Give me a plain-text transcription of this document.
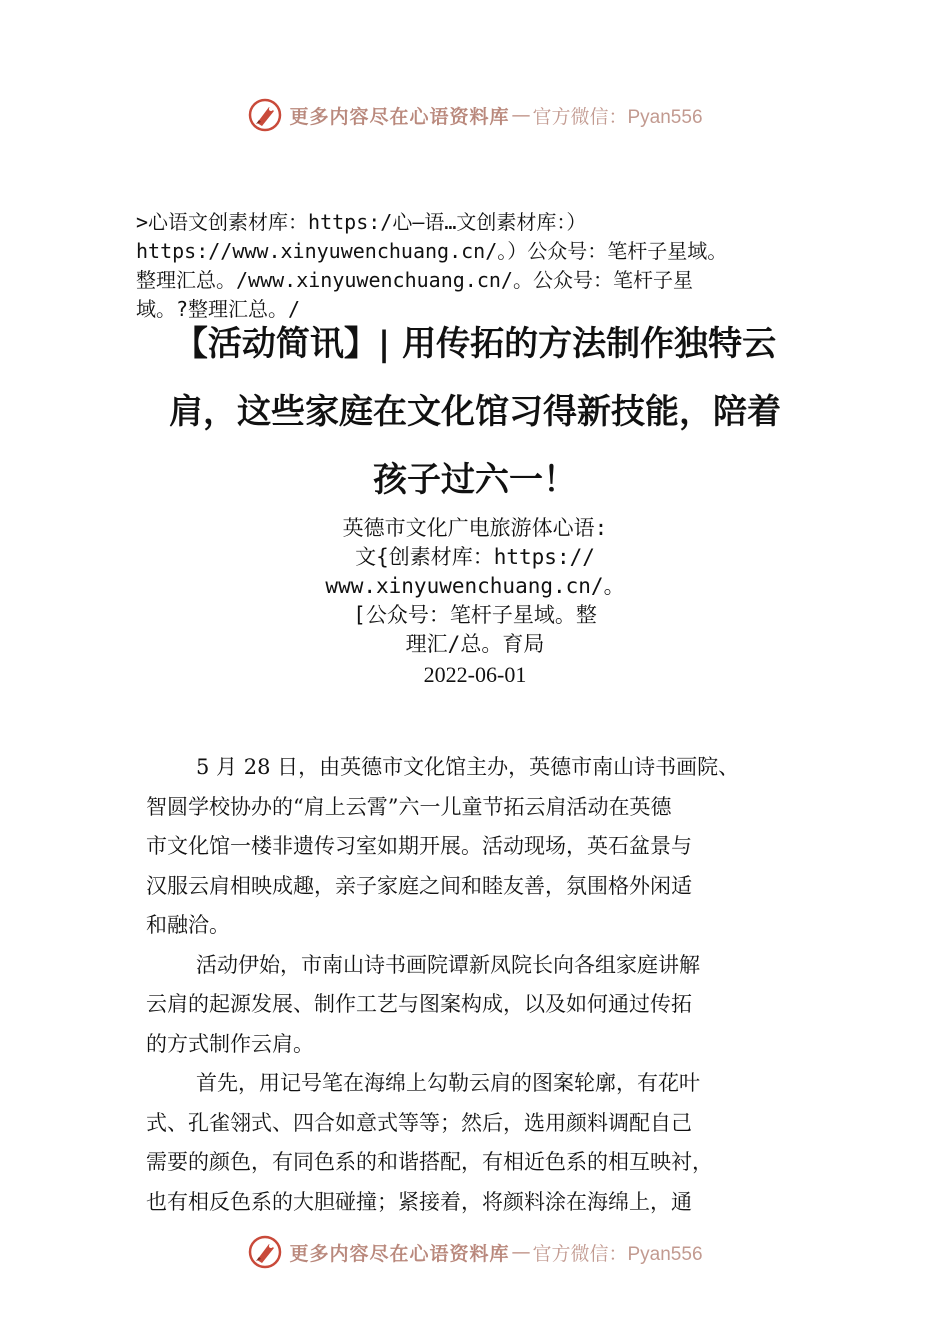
更多内容尽在心语资料库 — 官方微信：Pyan556
>心语文创素材库：https:/心—语…文创素材库：）
https://www.xinyuwenchuang.cn/。）公众号：笔杆子星域。
整理汇总。/www.xinyuwenchuang.cn/。公众号：笔杆子星
域。?整理汇总。/
【活动简讯】| 用传拓的方法制作独特云
肩，这些家庭在文化馆习得新技能，陪着
孩子过六一！
英德市文化广电旅游体心语:
文{创素材库：https://
www.xinyuwenchuang.cn/。
[公众号：笔杆子星域。整
理汇/总。育局
2022-06-01
5 月 28 日，由英德市文化馆主办，英德市南山诗书画院、
智圆学校协办的“肩上云霄”六一儿童节拓云肩活动在英德
市文化馆一楼非遗传习室如期开展。活动现场，英石盆景与
汉服云肩相映成趣，亲子家庭之间和睦友善，氛围格外闲适
和融洽。
活动伊始，市南山诗书画院谭新凤院长向各组家庭讲解
云肩的起源发展、制作工艺与图案构成，以及如何通过传拓
的方式制作云肩。
首先，用记号笔在海绵上勾勒云肩的图案轮廓，有花叶
式、孔雀翎式、四合如意式等等；然后，选用颜料调配自己
需要的颜色，有同色系的和谐搭配，有相近色系的相互映衬，
也有相反色系的大胆碰撞；紧接着，将颜料涂在海绵上，通
更多内容尽在心语资料库 — 官方微信：Pyan556
